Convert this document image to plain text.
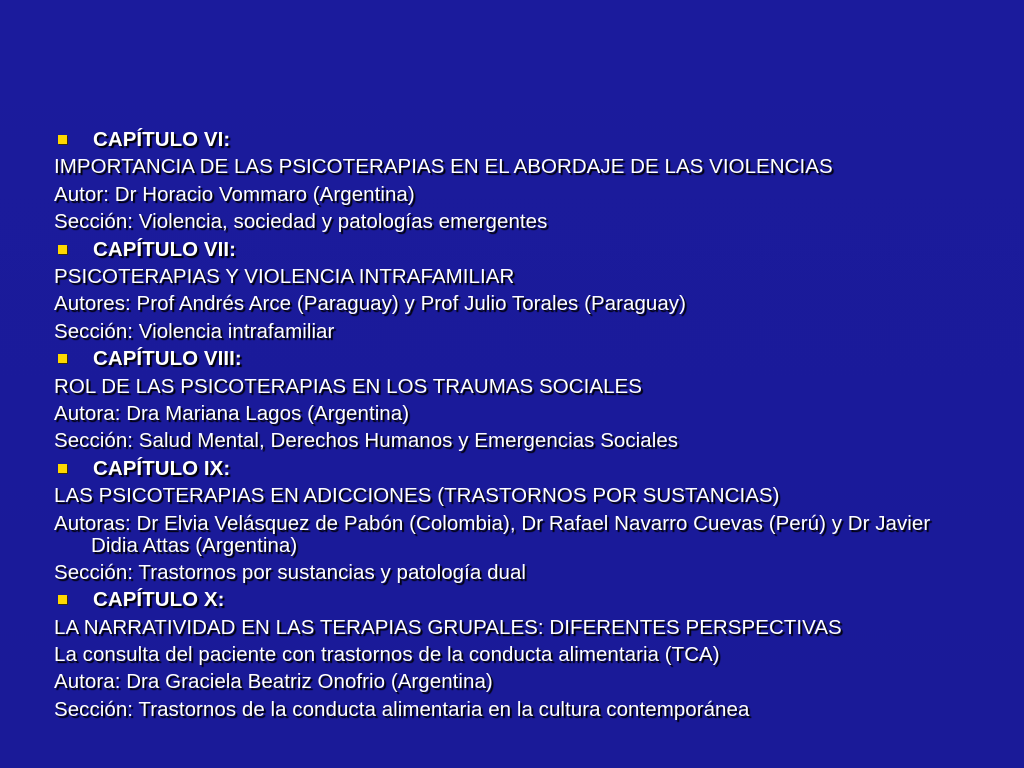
CAPÍTULO VI:
IMPORTANCIA DE LAS PSICOTERAPIAS EN EL ABORDAJE DE LAS VIOLENCIAS
Autor: Dr Horacio Vommaro (Argentina)
Sección: Violencia, sociedad y patologías emergentes
CAPÍTULO VII:
PSICOTERAPIAS Y VIOLENCIA INTRAFAMILIAR
Autores: Prof Andrés Arce (Paraguay) y Prof Julio Torales (Paraguay)
Sección: Violencia intrafamiliar
CAPÍTULO VIII:
ROL DE LAS PSICOTERAPIAS EN LOS TRAUMAS SOCIALES
Autora: Dra Mariana Lagos (Argentina)
Sección: Salud Mental, Derechos Humanos y Emergencias Sociales
CAPÍTULO IX:
LAS PSICOTERAPIAS EN ADICCIONES (TRASTORNOS POR SUSTANCIAS)
Autoras: Dr Elvia Velásquez de Pabón (Colombia), Dr Rafael Navarro Cuevas (Perú) y Dr Javier Didia Attas (Argentina)
Sección: Trastornos por sustancias y patología dual
CAPÍTULO X:
LA NARRATIVIDAD EN LAS TERAPIAS GRUPALES: DIFERENTES PERSPECTIVAS
La consulta del paciente con trastornos de la conducta alimentaria (TCA)
Autora: Dra Graciela Beatriz Onofrio (Argentina)
Sección: Trastornos de la conducta alimentaria en la cultura contemporánea
